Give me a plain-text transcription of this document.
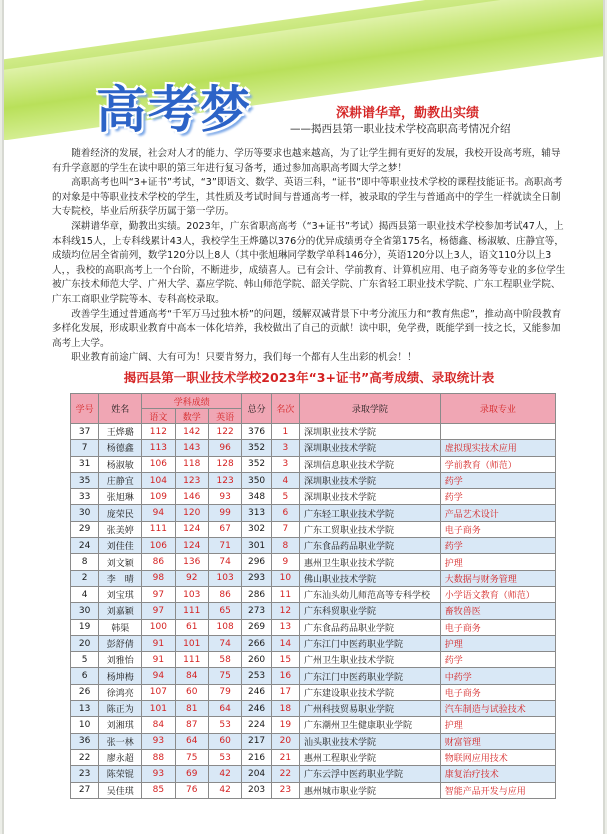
高考梦	深耕谱华章，勤教出实绩
——揭西县第一职业技术学校高职高考情况介绍

随着经济的发展，社会对人才的能力、学历等要求也越来越高，为了让学生拥有更好的发展，我校开设高考班，辅导有升学意愿的学生在读中职的第三年进行复习备考，通过参加高职高考圆大学之梦！

高职高考也叫“3+证书”考试，“3”即语文、数学、英语三科，“证书”即中等职业技术学校的课程技能证书。高职高考的对象是中等职业技术学校的学生，其性质及考试时间与普通高考一样，被录取的学生与普通高中的学生一样就读全日制大专院校，毕业后所获学历属于第一学历。

深耕谱华章，勤教出实绩。2023年，广东省职高高考（“3+证书”考试）揭西县第一职业技术学校参加考试47人，上本科线15人，上专科线累计43人，我校学生王烨璐以376分的优异成绩勇夺全省第175名，杨德鑫、杨淑敏、庄静宜等，成绩均位居全省前列，数学120分以上8人（其中张旭琳同学数学单科146分），英语120分以上3人，语文110分以上3人，，我校的高职高考上一个台阶，不断进步，成绩喜人。已有会计、学前教育、计算机应用、电子商务等专业的多位学生被广东技术师范大学、广州大学、嘉应学院、韩山师范学院、韶关学院、广东省轻工职业技术学院、广东工程职业学院、广东工商职业学院等本、专科高校录取。

改善学生通过普通高考“千军万马过独木桥”的问题，缓解双减背景下中考分流压力和“教育焦虑”，推动高中阶段教育多样化发展，形成职业教育中高本一体化培养，我校做出了自己的贡献！读中职，免学费，既能学到一技之长，又能参加高考上大学。

职业教育前途广阔、大有可为！只要肯努力，我们每一个都有人生出彩的机会！！

揭西县第一职业技术学校2023年“3+证书”高考成绩、录取统计表
学号	姓名	学科成绩			总分	名次	录取学院	录取专业
		语文	数学	英语				
37	王烨璐	112	142	122	376	1	深圳职业技术学院	
7	杨德鑫	113	143	96	352	3	深圳职业技术学院	虚拟现实技术应用
31	杨淑敏	106	118	128	352	3	深圳信息职业技术学院	学前教育（师范）
35	庄静宜	104	123	123	350	4	深圳职业技术学院	药学
33	张旭琳	109	146	93	348	5	深圳职业技术学院	药学
30	庞荣民	94	120	99	313	6	广东轻工职业技术学院	产品艺术设计
29	张美婷	111	124	67	302	7	广东工贸职业技术学院	电子商务
24	刘佳佳	106	124	71	301	8	广东食品药品职业学院	药学
8	刘文颖	86	136	74	296	9	惠州卫生职业技术学院	护理
2	李　晴	98	92	103	293	10	佛山职业技术学院	大数据与财务管理
4	刘宝琪	97	103	86	286	11	广东汕头幼儿师范高等专科学校	小学语文教育（师范）
30	刘嘉颖	97	111	65	273	12	广东科贸职业学院	畜牧兽医
19	韩渠	100	61	108	269	13	广东食品药品职业学院	电子商务
20	彭舒倩	91	101	74	266	14	广东江门中医药职业学院	护理
5	刘雅怡	91	111	58	260	15	广州卫生职业技术学院	药学
6	杨坤梅	94	84	75	253	16	广东江门中医药职业学院	中药学
26	徐鸿亮	107	60	79	246	17	广东建设职业技术学院	电子商务
13	陈正为	101	81	64	246	18	广州科技贸易职业学院	汽车制造与试验技术
10	刘湘琪	84	87	53	224	19	广东潮州卫生健康职业学院	护理
36	张一林	93	64	60	217	20	汕头职业技术学院	财富管理
22	廖永超	88	75	53	216	21	惠州工程职业学院	物联网应用技术
23	陈荣锟	93	69	42	204	22	广东云浮中医药职业学院	康复治疗技术
27	吴佳琪	85	76	42	203	23	惠州城市职业学院	智能产品开发与应用
